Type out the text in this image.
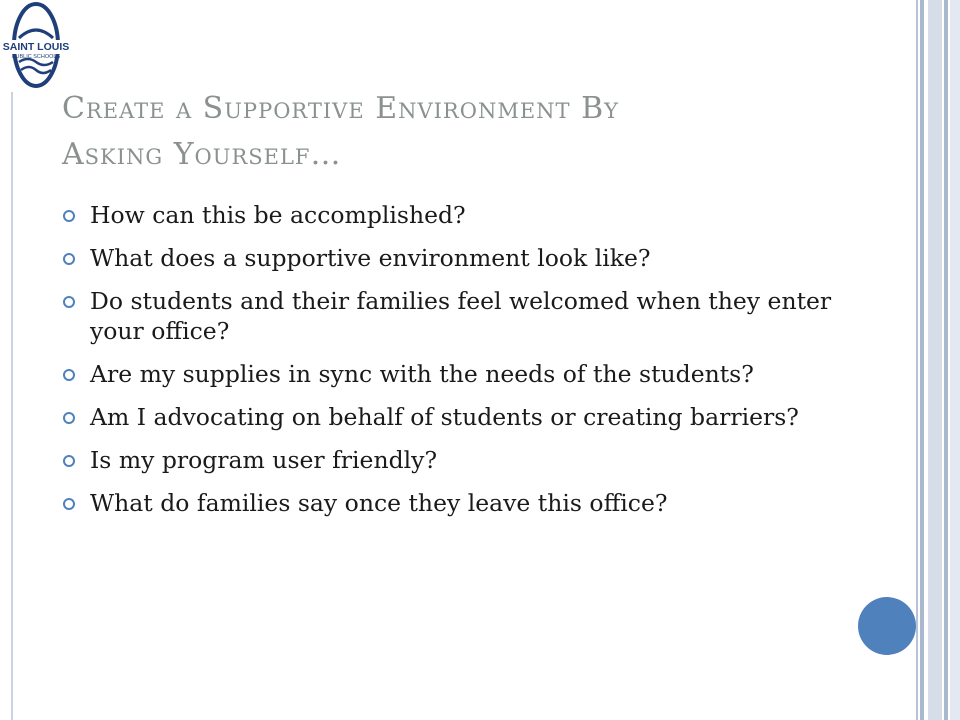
SAINT LOUIS
PUBLIC SCHOOLS
Create a Supportive Environment By
Asking Yourself…
How can this be accomplished?
What does a supportive environment look like?
Do students and their families feel welcomed when they enter your office?
Are my supplies in sync with the needs of the students?
Am I advocating on behalf of students or creating barriers?
Is my program user friendly?
What do families say once they leave this office?
